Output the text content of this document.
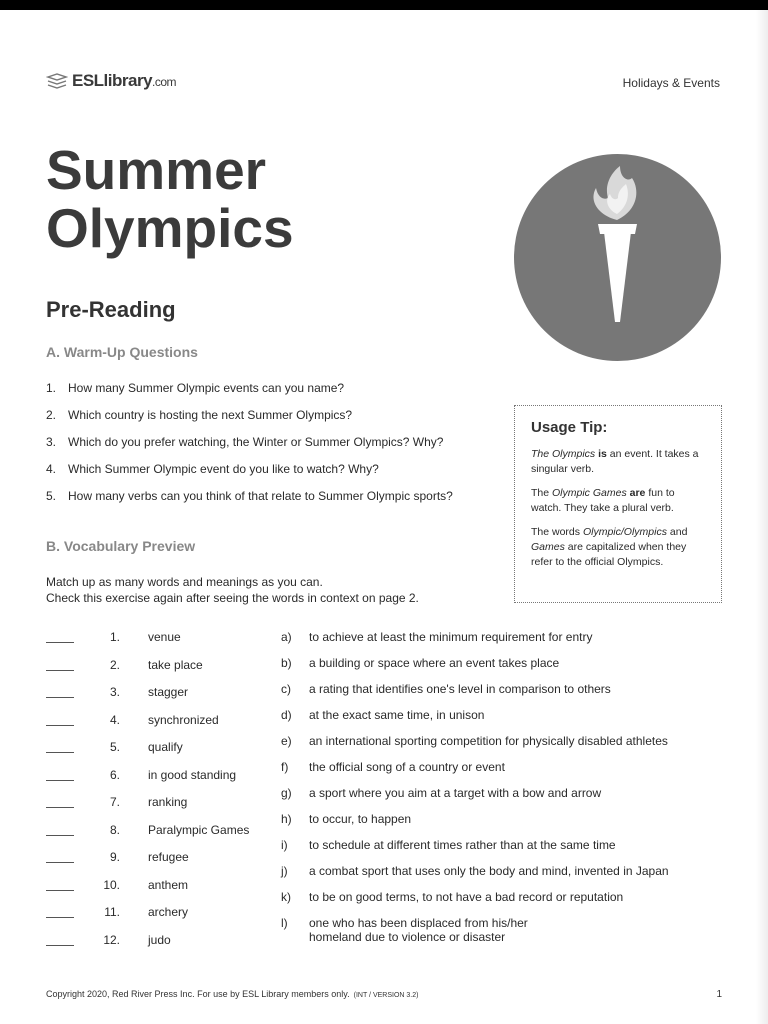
ESLlibrary.com	Holidays & Events
Summer
Olympics
Pre-Reading
A. Warm-Up Questions
1. How many Summer Olympic events can you name?
2. Which country is hosting the next Summer Olympics?
3. Which do you prefer watching, the Winter or Summer Olympics? Why?
4. Which Summer Olympic event do you like to watch? Why?
5. How many verbs can you think of that relate to Summer Olympic sports?
Usage Tip:

The Olympics is an event. It takes a singular verb.

The Olympic Games are fun to watch. They take a plural verb.

The words Olympic/Olympics and Games are capitalized when they refer to the official Olympics.

B. Vocabulary Preview
Match up as many words and meanings as you can.
Check this exercise again after seeing the words in context on page 2.
1. venue
2. take place
3. stagger
4. synchronized
5. qualify
6. in good standing
7. ranking
8. Paralympic Games
9. refugee
10. anthem
11. archery
12. judo
a)	to achieve at least the minimum requirement for entry
b)	a building or space where an event takes place
c)	a rating that identifies one's level in comparison to others
d)	at the exact same time, in unison
e)	an international sporting competition for physically disabled athletes
f)	the official song of a country or event
g)	a sport where you aim at a target with a bow and arrow
h)	to occur, to happen
i)	to schedule at different times rather than at the same time
j)	a combat sport that uses only the body and mind, invented in Japan
k)	to be on good terms, to not have a bad record or reputation
l)	one who has been displaced from his/her
homeland due to violence or disaster
Copyright 2020, Red River Press Inc. For use by ESL Library members only. (INT / VERSION 3.2)	1
